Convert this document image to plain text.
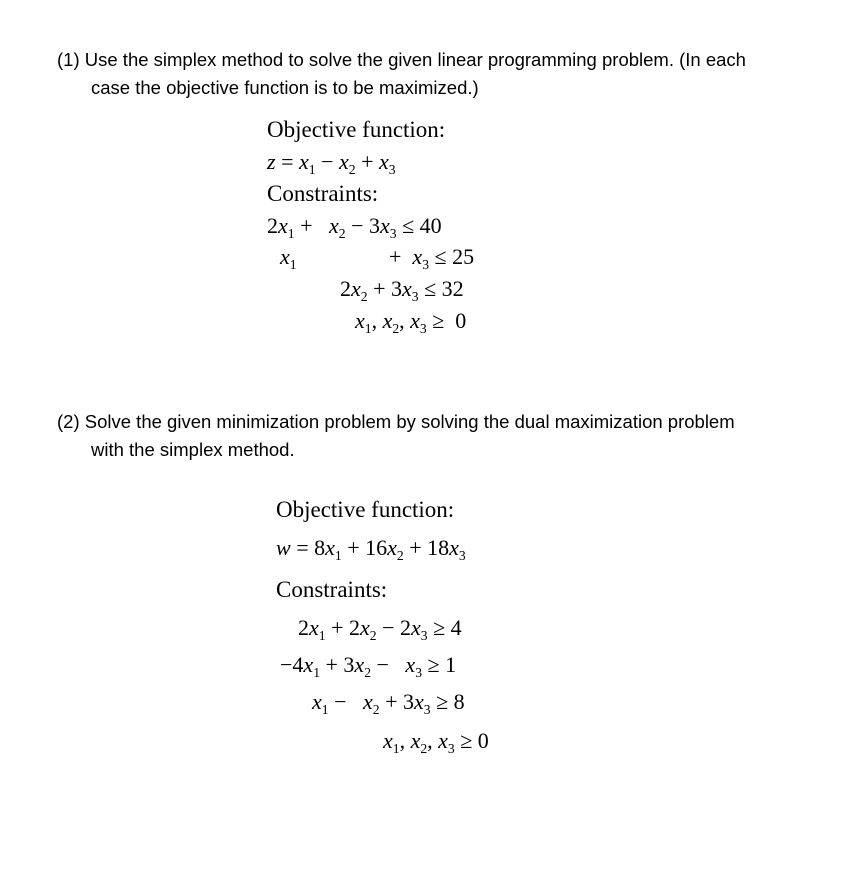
(1) Use the simplex method to solve the given linear programming problem. (In each
case the objective function is to be maximized.)
Objective function:
$z = x_1 - x_2 + x_3$
Constraints:
$2x_1 + x_2 - 3x_3 \le 40$
$x_1$	+  $x_3 \le 25$
$2x_2 + 3x_3 \le 32$
$x_1$, $x_2$, $x_3 \ge 0$
(2) Solve the given minimization problem by solving the dual maximization problem
with the simplex method.
Objective function:
$w = 8x_1 + 16x_2 + 18x_3$
Constraints:
$2x_1 + 2x_2 - 2x_3 \ge 4$
$-4x_1 + 3x_2 - x_3 \ge 1$
$x_1 - x_2 + 3x_3 \ge 8$
$x_1$, $x_2$, $x_3 \ge 0$
